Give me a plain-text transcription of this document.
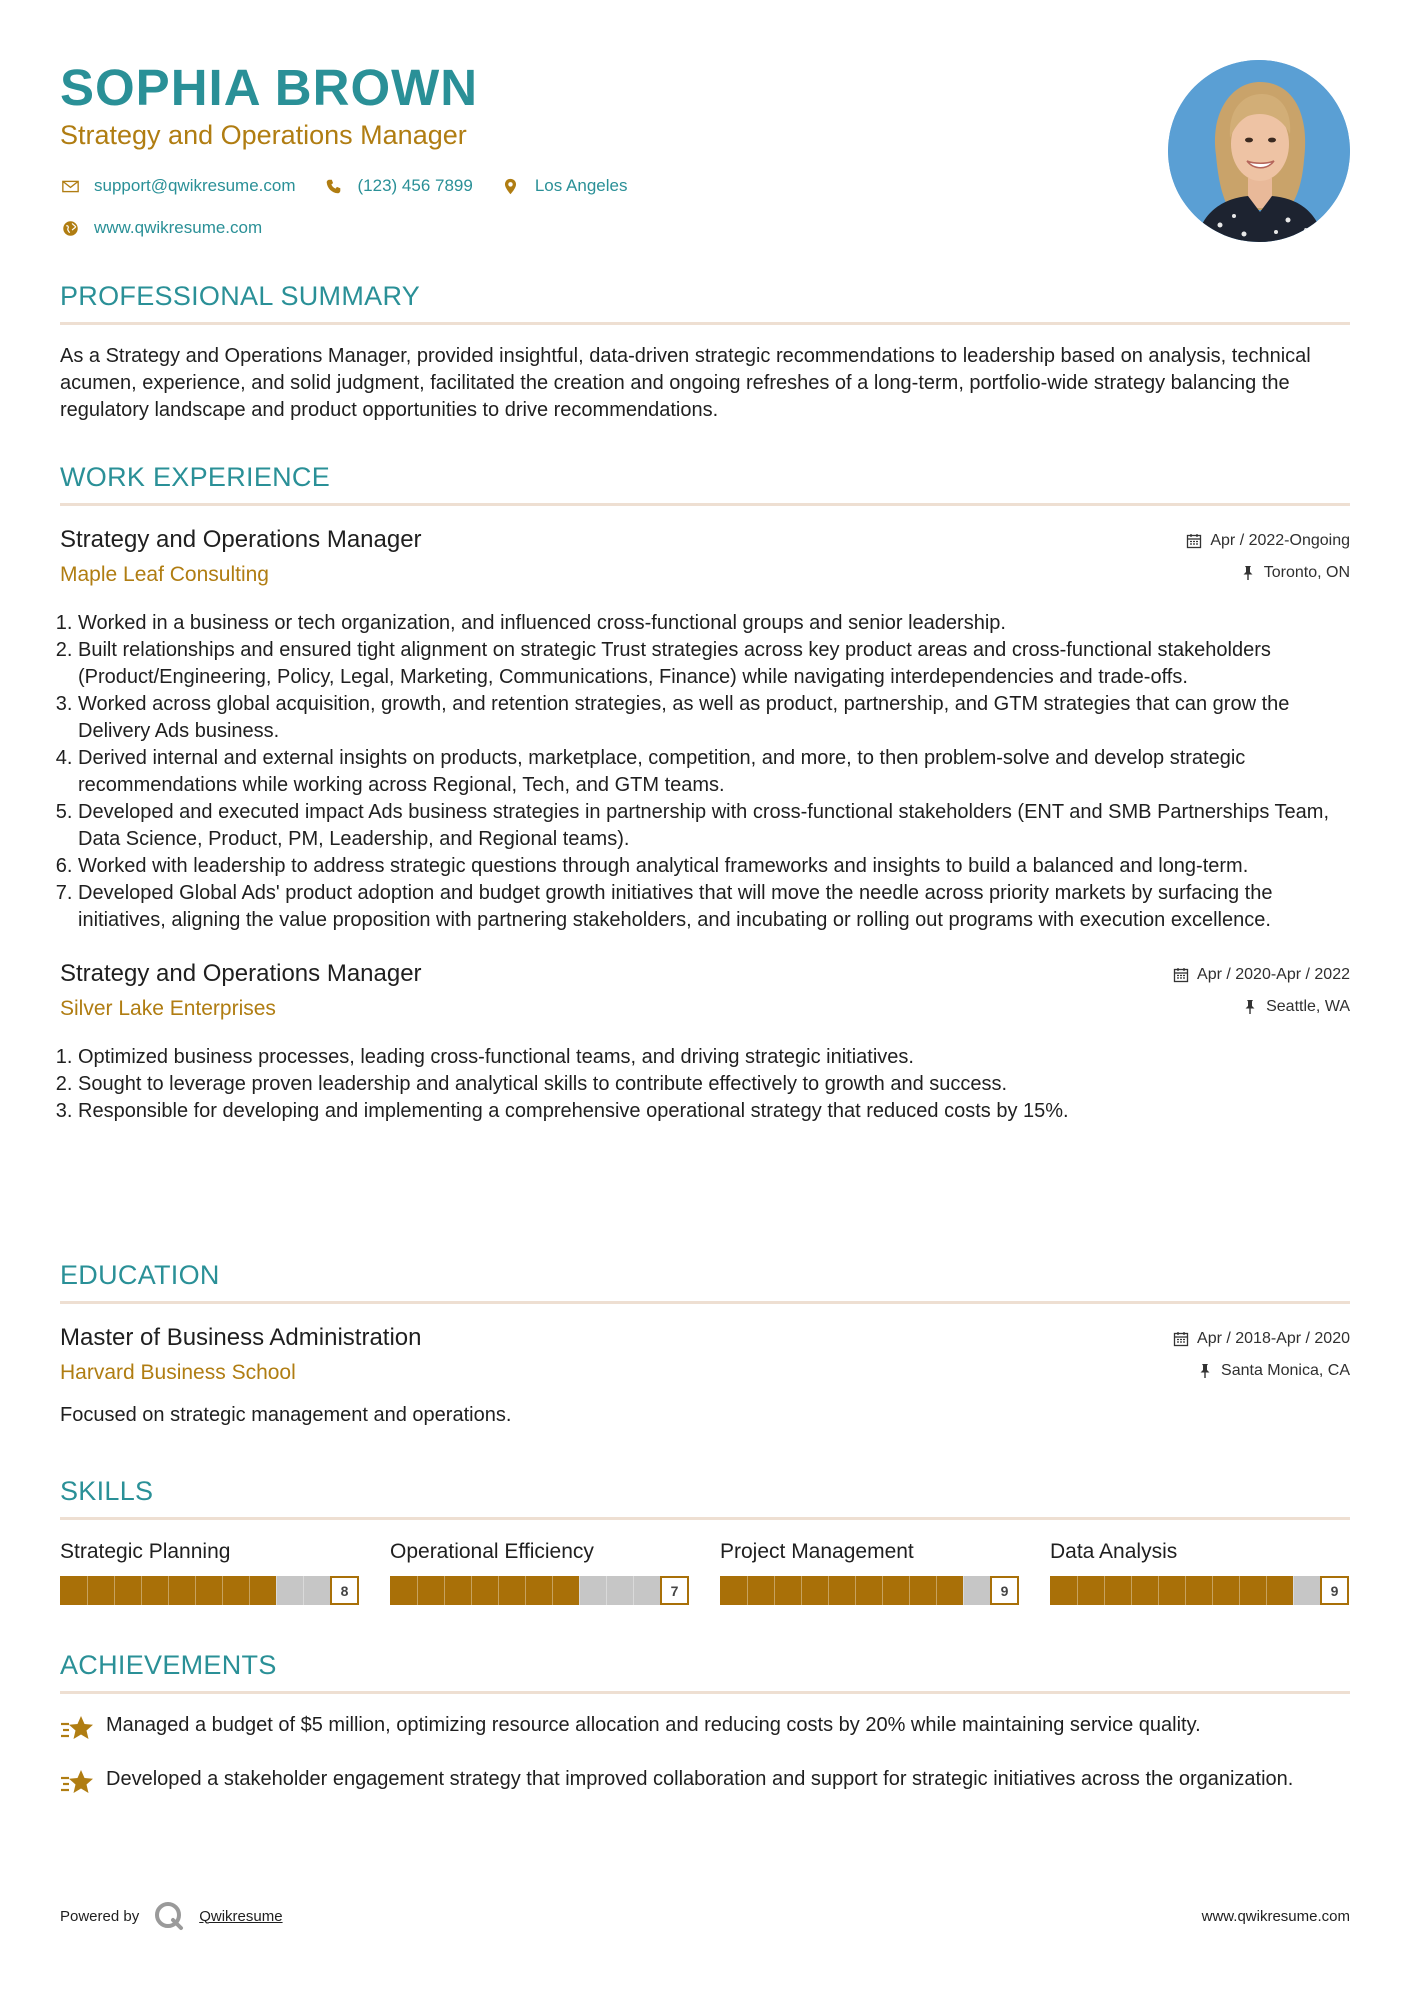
SOPHIA BROWN
Strategy and Operations Manager
support@qwikresume.com	(123) 456 7899	Los Angeles
www.qwikresume.com
PROFESSIONAL SUMMARY

As a Strategy and Operations Manager, provided insightful, data-driven strategic recommendations to leadership based on analysis, technical acumen, experience, and solid judgment, facilitated the creation and ongoing refreshes of a long-term, portfolio-wide strategy balancing the regulatory landscape and product opportunities to drive recommendations.

WORK EXPERIENCE
Strategy and Operations Manager
Maple Leaf Consulting
Apr / 2022-Ongoing
Toronto, ON
1. Worked in a business or tech organization, and influenced cross-functional groups and senior leadership.
2. Built relationships and ensured tight alignment on strategic Trust strategies across key product areas and cross-functional stakeholders (Product/Engineering, Policy, Legal, Marketing, Communications, Finance) while navigating interdependencies and trade-offs.
3. Worked across global acquisition, growth, and retention strategies, as well as product, partnership, and GTM strategies that can grow the Delivery Ads business.
4. Derived internal and external insights on products, marketplace, competition, and more, to then problem-solve and develop strategic recommendations while working across Regional, Tech, and GTM teams.
5. Developed and executed impact Ads business strategies in partnership with cross-functional stakeholders (ENT and SMB Partnerships Team, Data Science, Product, PM, Leadership, and Regional teams).
6. Worked with leadership to address strategic questions through analytical frameworks and insights to build a balanced and long-term.
7. Developed Global Ads' product adoption and budget growth initiatives that will move the needle across priority markets by surfacing the initiatives, aligning the value proposition with partnering stakeholders, and incubating or rolling out programs with execution excellence.
Strategy and Operations Manager
Silver Lake Enterprises
Apr / 2020-Apr / 2022
Seattle, WA
1. Optimized business processes, leading cross-functional teams, and driving strategic initiatives.
2. Sought to leverage proven leadership and analytical skills to contribute effectively to growth and success.
3. Responsible for developing and implementing a comprehensive operational strategy that reduced costs by 15%.
EDUCATION
Master of Business Administration
Harvard Business School
Apr / 2018-Apr / 2020
Santa Monica, CA

Focused on strategic management and operations.

SKILLS
Strategic Planning
8
Operational Efficiency
7
Project Management
9
Data Analysis
9
ACHIEVEMENTS
Managed a budget of $5 million, optimizing resource allocation and reducing costs by 20% while maintaining service quality.
Developed a stakeholder engagement strategy that improved collaboration and support for strategic initiatives across the organization.
Powered by	Qwikresume	www.qwikresume.com
